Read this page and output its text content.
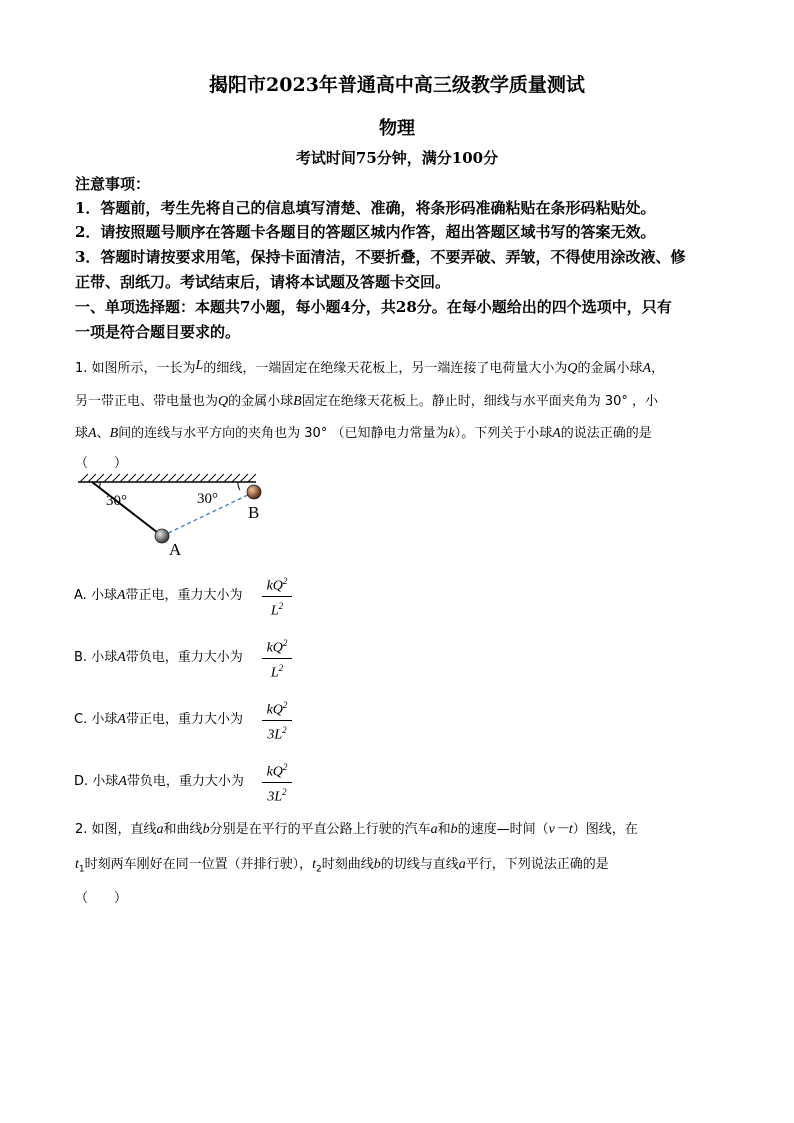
揭阳市2023年普通高中高三级教学质量测试
物理
考试时间75分钟，满分100分
注意事项：
1．答题前，考生先将自己的信息填写清楚、准确，将条形码准确粘贴在条形码粘贴处。
2．请按照题号顺序在答题卡各题目的答题区城内作答，超出答题区域书写的答案无效。
3．答题时请按要求用笔，保持卡面清洁，不要折叠，不要弄破、弄皱，不得使用涂改液、修
正带、刮纸刀。考试结束后，请将本试题及答题卡交回。
一、单项选择题：本题共7小题，每小题4分，共28分。在每小题给出的四个选项中，只有
一项是符合题目要求的。
1. 如图所示，一长为L的细线，一端固定在绝缘天花板上，另一端连接了电荷量大小为Q的金属小球A，
另一带正电、带电量也为Q的金属小球B固定在绝缘天花板上。静止时，细线与水平面夹角为 30° ，小
球A、B间的连线与水平方向的夹角也为 30° （已知静电力常量为k）。下列关于小球A的说法正确的是
（　　）
30°	30°
A
B
A. 小球A带正电，重力大小为 $\frac{kQ^2}{L^2}$
B. 小球A带负电，重力大小为 $\frac{kQ^2}{L^2}$
C. 小球A带正电，重力大小为 $\frac{kQ^2}{3L^2}$
D. 小球A带负电，重力大小为 $\frac{kQ^2}{3L^2}$
2. 如图，直线a和曲线b分别是在平行的平直公路上行驶的汽车a和b的速度—时间（v－t）图线，在
$t_1$时刻两车刚好在同一位置（并排行驶），$t_2$时刻曲线b的切线与直线a平行，下列说法正确的是
（　　）
